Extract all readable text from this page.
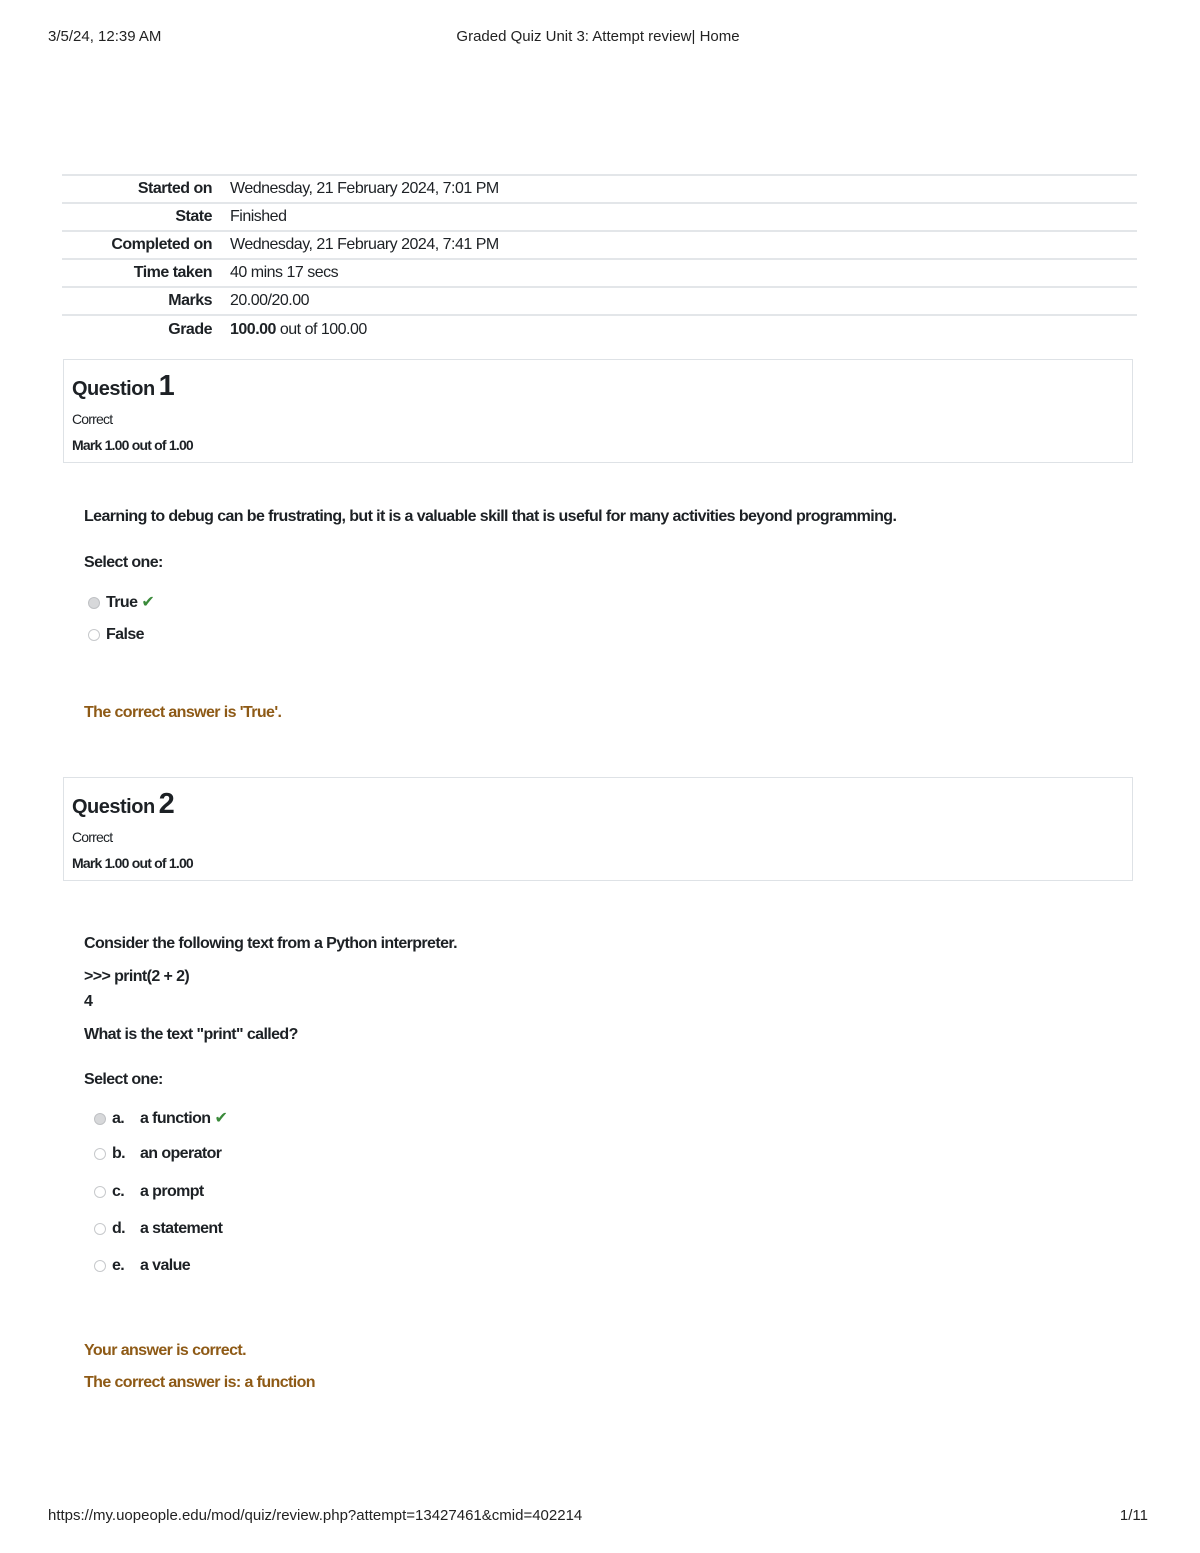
3/5/24, 12:39 AM	Graded Quiz Unit 3: Attempt review| Home
Started on	Wednesday, 21 February 2024, 7:01 PM
State	Finished
Completed on	Wednesday, 21 February 2024, 7:41 PM
Time taken	40 mins 17 secs
Marks	20.00/20.00
Grade	100.00 out of 100.00
Question 1
Correct
Mark 1.00 out of 1.00
Learning to debug can be frustrating, but it is a valuable skill that is useful for many activities beyond programming.
Select one:
True ✔
False
The correct answer is 'True'.
Question 2
Correct
Mark 1.00 out of 1.00
Consider the following text from a Python interpreter.
>>> print(2 + 2)
4
What is the text "print" called?
Select one:
a. a function ✔
b. an operator
c. a prompt
d. a statement
e. a value
Your answer is correct.
The correct answer is: a function
https://my.uopeople.edu/mod/quiz/review.php?attempt=13427461&cmid=402214	1/11
